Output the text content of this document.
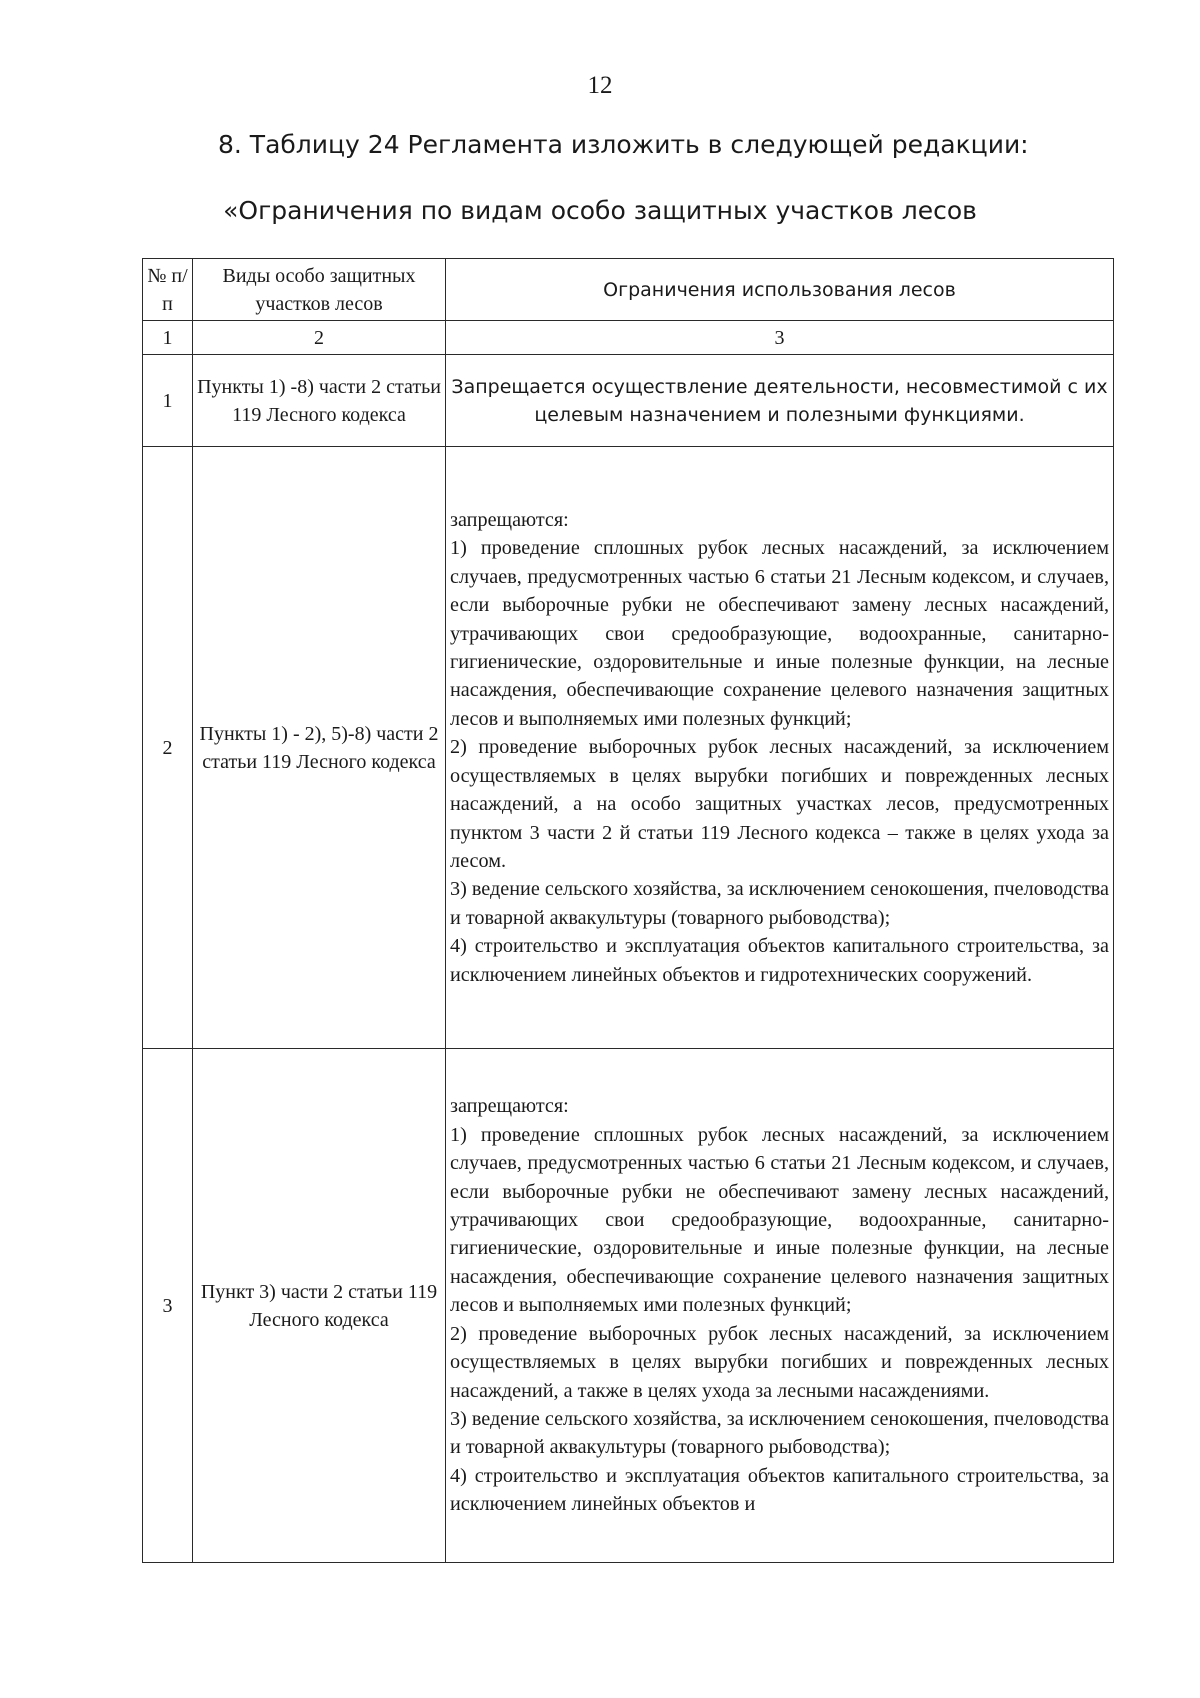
12
8. Таблицу 24 Регламента изложить в следующей редакции:
«Ограничения по видам особо защитных участков лесов
№ п/п	Виды особо защитных участков лесов	Ограничения использования лесов
1	2	3
1	Пункты 1) -8) части 2 статьи 119 Лесного кодекса	Запрещается осуществление деятельности, несовместимой с их целевым назначением и полезными функциями.
2	Пункты 1) - 2), 5)-8) части 2 статьи 119 Лесного кодекса	запрещаются:
1) проведение сплошных рубок лесных насаждений, за исключением случаев, предусмотренных частью 6 статьи 21 Лесным кодексом, и случаев, если выборочные рубки не обеспечивают замену лесных насаждений, утрачивающих свои средообразующие, водоохранные, санитарно-гигиенические, оздоровительные и иные полезные функции, на лесные насаждения, обеспечивающие сохранение целевого назначения защитных лесов и выполняемых ими полезных функций;
2) проведение выборочных рубок лесных насаждений, за исключением осуществляемых в целях вырубки погибших и поврежденных лесных насаждений, а на особо защитных участках лесов, предусмотренных пунктом 3 части 2 й статьи 119 Лесного кодекса – также в целях ухода за лесом.
3) ведение сельского хозяйства, за исключением сенокошения, пчеловодства и товарной аквакультуры (товарного рыбоводства);
4) строительство и эксплуатация объектов капитального строительства, за исключением линейных объектов и гидротехнических сооружений.

3	Пункт 3) части 2 статьи 119 Лесного кодекса	запрещаются:
1) проведение сплошных рубок лесных насаждений, за исключением случаев, предусмотренных частью 6 статьи 21 Лесным кодексом, и случаев, если выборочные рубки не обеспечивают замену лесных насаждений, утрачивающих свои средообразующие, водоохранные, санитарно-гигиенические, оздоровительные и иные полезные функции, на лесные насаждения, обеспечивающие сохранение целевого назначения защитных лесов и выполняемых ими полезных функций;
2) проведение выборочных рубок лесных насаждений, за исключением осуществляемых в целях вырубки погибших и поврежденных лесных насаждений, а также в целях ухода за лесными насаждениями.
3) ведение сельского хозяйства, за исключением сенокошения, пчеловодства и товарной аквакультуры (товарного рыбоводства);
4) строительство и эксплуатация объектов капитального строительства, за исключением линейных объектов и
